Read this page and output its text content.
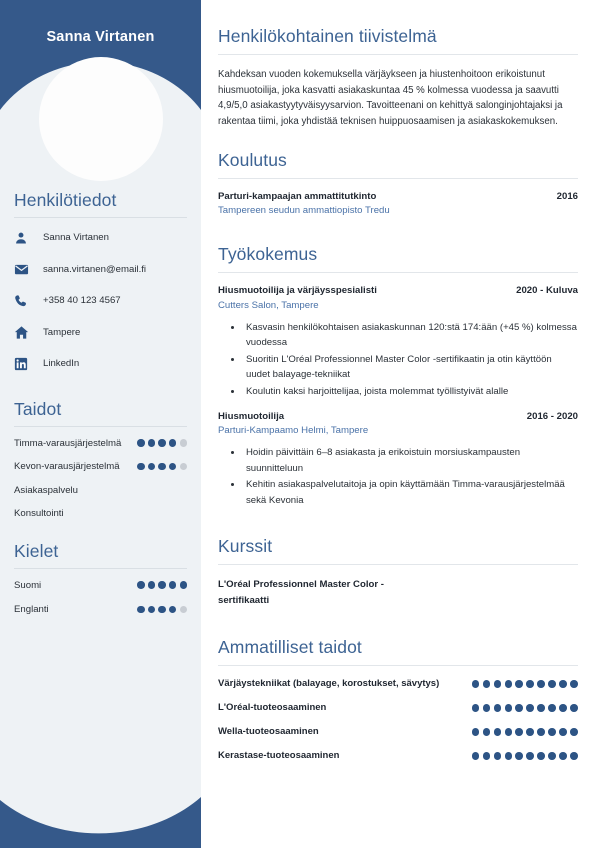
Sanna Virtanen
Henkilötiedot
Sanna Virtanen
sanna.virtanen@email.fi
+358 40 123 4567
Tampere
LinkedIn
Taidot
Timma-varausjärjestelmä
Kevon-varausjärjestelmä
Asiakaspalvelu
Konsultointi
Kielet
Suomi
Englanti
Henkilökohtainen tiivistelmä

Kahdeksan vuoden kokemuksella värjäykseen ja hiustenhoitoon erikoistunut hiusmuotoilija, joka kasvatti asiakaskuntaa 45 % kolmessa vuodessa ja saavutti 4,9/5,0 asiakastyytyväisyysarvion. Tavoitteenani on kehittyä salonginjohtajaksi ja rakentaa tiimi, joka yhdistää teknisen huippuosaamisen ja asiakaskokemuksen.

Koulutus
Parturi-kampaajan ammattitutkinto	2016
Tampereen seudun ammattiopisto Tredu
Työkokemus
Hiusmuotoilija ja värjäysspesialisti	2020 - Kuluva
Cutters Salon, Tampere
• Kasvasin henkilökohtaisen asiakaskunnan 120:stä 174:ään (+45 %) kolmessa vuodessa
• Suoritin L'Oréal Professionnel Master Color -sertifikaatin ja otin käyttöön uudet balayage-tekniikat
• Koulutin kaksi harjoittelijaa, joista molemmat työllistyivät alalle
Hiusmuotoilija	2016 - 2020
Parturi-Kampaamo Helmi, Tampere
• Hoidin päivittäin 6–8 asiakasta ja erikoistuin morsiuskampausten suunnitteluun
• Kehitin asiakaspalvelutaitoja ja opin käyttämään Timma-varausjärjestelmää sekä Kevonia
Kurssit
L'Oréal Professionnel Master Color -
sertifikaatti
Ammatilliset taidot
Värjäystekniikat (balayage, korostukset, sävytys)
L'Oréal-tuoteosaaminen
Wella-tuoteosaaminen
Kerastase-tuoteosaaminen
